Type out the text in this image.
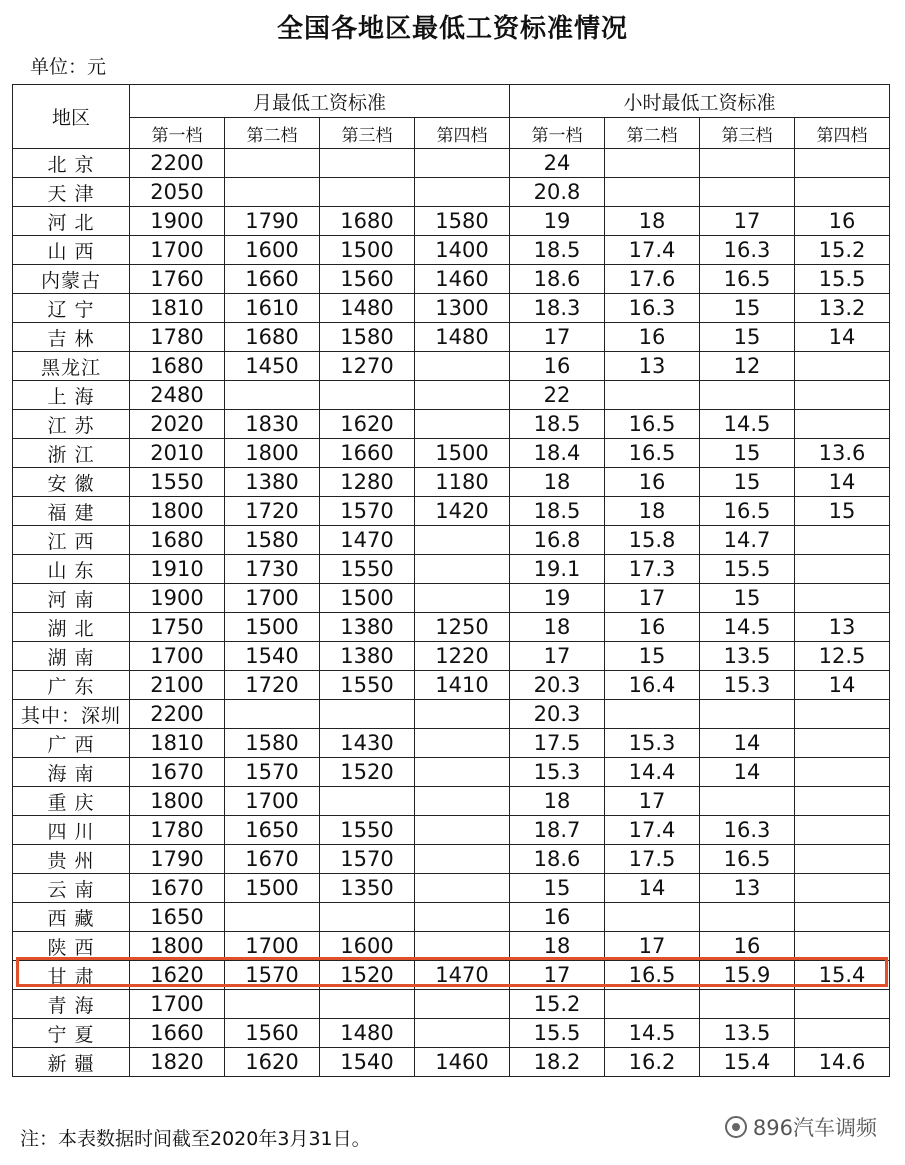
全国各地区最低工资标准情况
单位：元
地区	月最低工资标准				小时最低工资标准			
	第一档	第二档	第三档	第四档	第一档	第二档	第三档	第四档
北 京	2200				24			
天 津	2050				20.8			
河 北	1900	1790	1680	1580	19	18	17	16
山 西	1700	1600	1500	1400	18.5	17.4	16.3	15.2
内蒙古	1760	1660	1560	1460	18.6	17.6	16.5	15.5
辽 宁	1810	1610	1480	1300	18.3	16.3	15	13.2
吉 林	1780	1680	1580	1480	17	16	15	14
黑龙江	1680	1450	1270		16	13	12	
上 海	2480				22			
江 苏	2020	1830	1620		18.5	16.5	14.5	
浙 江	2010	1800	1660	1500	18.4	16.5	15	13.6
安 徽	1550	1380	1280	1180	18	16	15	14
福 建	1800	1720	1570	1420	18.5	18	16.5	15
江 西	1680	1580	1470		16.8	15.8	14.7	
山 东	1910	1730	1550		19.1	17.3	15.5	
河 南	1900	1700	1500		19	17	15	
湖 北	1750	1500	1380	1250	18	16	14.5	13
湖 南	1700	1540	1380	1220	17	15	13.5	12.5
广 东	2100	1720	1550	1410	20.3	16.4	15.3	14
其中：深圳	2200				20.3			
广 西	1810	1580	1430		17.5	15.3	14	
海 南	1670	1570	1520		15.3	14.4	14	
重 庆	1800	1700			18	17		
四 川	1780	1650	1550		18.7	17.4	16.3	
贵 州	1790	1670	1570		18.6	17.5	16.5	
云 南	1670	1500	1350		15	14	13	
西 藏	1650				16			
陕 西	1800	1700	1600		18	17	16	
甘 肃	1620	1570	1520	1470	17	16.5	15.9	15.4
青 海	1700				15.2			
宁 夏	1660	1560	1480		15.5	14.5	13.5	
新 疆	1820	1620	1540	1460	18.2	16.2	15.4	14.6
注：本表数据时间截至2020年3月31日。	896汽车调频
